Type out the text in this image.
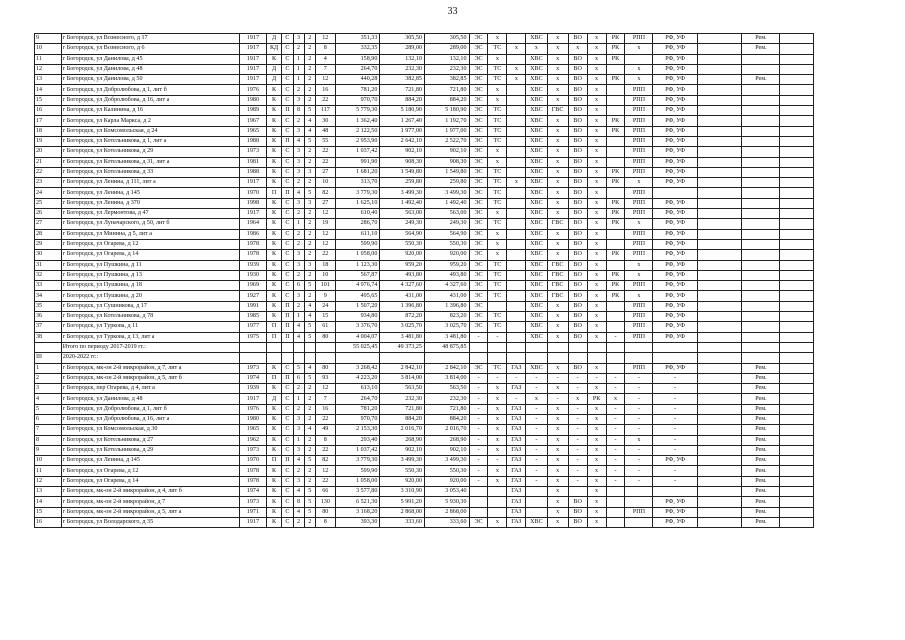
33
9	г Богородск, ул Вознесного, д 17	1917	Д	С	3	2	12	351,33	305,50	305,50	ЭС	х		ХВС	х	ВО	х	РК	РПП	РФ, УФ		Рем.	
10	г Богородск, ул Вознесного, д 6	1917	КД	С	2	2	8	332,35	289,00	289,00	ЭС	ТС	х	х	х	х	х	РК	х	РФ, УФ		Рем.	
11	г Богородск, ул Данилова, д 45	1917	К	С	1	2	4	158,90	132,10	132,10	ЭС	х		ХВС	х	ВО	х	РК		РФ, УФ			
12	г Богородск, ул Данилова, д 48	1917	Д	С	1	2	7	264,70	232,30	232,30	ЭС	ТС	х	ХВС	х	ВО	х		х	РФ, УФ			
13	г Богородск, ул Данилова, д 50	1917	Д	С	1	2	12	440,28	382,85	382,85	ЭС	ТС	х	ХВС	х	ВО	х	РК	х	РФ, УФ		Рем.	
14	г Богородск, ул Добролюбова, д 1, лит б	1976	К	С	2	2	16	781,20	721,80	721,80	ЭС	х		ХВС	х	ВО	х		РПП	РФ, УФ			
15	г Богородск, ул Добролюбова, д 16, лит а	1980	К	С	3	2	22	970,70	884,20	884,20	ЭС	х		ХВС	х	ВО	х		РПП	РФ, УФ			
16	г Богородск, ул Калинина, д 16	1989	К	П	8	5	117	5 779,30	5 180,90	5 180,90	ЭС	ТС		ХВС	ГВС	ВО	х		РПП	РФ, УФ			
17	г Богородск, ул Карла Маркса, д 2	1967	К	С	2	4	30	1 362,40	1 267,40	1 192,70	ЭС	ТС		ХВС	х	ВО	х	РК	РПП	РФ, УФ			
18	г Богородск, ул Комсомольская, д 24	1965	К	С	3	4	48	2 122,50	1 977,00	1 977,00	ЭС	ТС		ХВС	х	ВО	х	РК	РПП	РФ, УФ			
19	г Богородск, ул Котельникова, д 1, лит а	1988	К	П	4	5	55	2 953,90	2 642,10	2 522,70	ЭС	ТС		ХВС	х	ВО	х		РПП	РФ, УФ			
20	г Богородск, ул Котельникова, д 29	1973	К	С	3	2	22	1 037,42	902,10	902,10	ЭС	х		ХВС	х	ВО	х		РПП	РФ, УФ			
21	г Богородск, ул Котельникова, д 31, лит а	1981	К	С	3	2	22	991,90	908,30	908,30	ЭС	х		ХВС	х	ВО	х		РПП	РФ, УФ			
22	г Богородск, ул Котельникова, д 33	1988	К	С	3	3	27	1 681,20	1 549,80	1 549,80	ЭС	ТС		ХВС	х	ВО	х	РК	РПП	РФ, УФ			
23	г Богородск, ул Ленина, д 111, лит а	1917	К	С	2	2	10	313,70	259,80	259,80	ЭС	ТС	х	ХВС	х	ВО	х	РК	х	РФ, УФ			
24	г Богородск, ул Ленина, д 145	1970	П	П	4	5	82	3 779,30	3 499,30	3 499,30	ЭС	ТС		ХВС	х	ВО	х		РПП				
25	г Богородск, ул Ленина, д 370	1998	К	С	3	3	27	1 625,10	1 492,40	1 492,40	ЭС	ТС		ХВС	х	ВО	х	РК	РПП	РФ, УФ			
26	г Богородск, ул Лермонтова, д 47	1917	К	С	2	2	12	610,40	563,00	563,00	ЭС	х		ХВС	х	ВО	х	РК	РПП	РФ, УФ			
27	г Богородск, ул Луначарского, д 50, лит б	1964	К	С	1	2	19	286,70	249,30	249,30	ЭС	ТС		ХВС	ГВС	ВО	х	РК	х	РФ, УФ			
28	г Богородск, ул Минина, д 5, лит а	1986	К	С	2	2	12	611,10	564,90	564,90	ЭС	х		ХВС	х	ВО	х		РПП	РФ, УФ			
29	г Богородск, ул Огарева, д 12	1978	К	С	2	2	12	599,90	550,30	550,30	ЭС	х		ХВС	х	ВО	х		РПП	РФ, УФ			
30	г Богородск, ул Огарева, д 14	1978	К	С	3	2	22	1 058,00	920,00	920,00	ЭС	х		ХВС	х	ВО	х	РК	РПП	РФ, УФ			
31	г Богородск, ул Пушкина, д 11	1939	К	С	3	3	18	1 123,30	959,20	959,20	ЭС	ТС		ХВС	ГВС	ВО	х		х	РФ, УФ			
32	г Богородск, ул Пушкина, д 13	1930	К	С	2	2	10	567,87	493,80	493,80	ЭС	ТС		ХВС	ГВС	ВО	х	РК	х	РФ, УФ			
33	г Богородск, ул Пушкина, д 18	1969	К	С	6	5	101	4 976,74	4 327,60	4 327,60	ЭС	ТС		ХВС	ГВС	ВО	х	РК	РПП	РФ, УФ			
34	г Богородск, ул Пушкина, д 20	1927	К	С	3	2	9	495,65	431,00	431,00	ЭС	ТС		ХВС	ГВС	ВО	х	РК	х	РФ, УФ			
35	г Богородск, ул Сушникова, д 17	1991	К	П	2	4	24	1 507,20	1 396,80	1 396,80	ЭС			ХВС	х	ВО	х		РПП	РФ, УФ			
36	г Богородск, ул Котельникова, д 78	1985	К	П	1	4	15	934,80	872,20	823,20	ЭС	ТС		ХВС	х	ВО	х		РПП	РФ, УФ			
37	г Богородск, ул Туркова, д 11	1977	П	П	4	5	61	3 376,70	3 025,70	3 025,70	ЭС	ТС		ХВС	х	ВО	х		РПП	РФ, УФ			
38	г Богородск, ул Туркова, д 13, лит а	1975	П	П	4	5	80	4 004,07	3 481,80	3 481,80	-	-		ХВС	х	ВО	х	-	РПП	РФ, УФ			
	Итого по периоду 2017-2019 гг.:							55 025,45	49 373,25	48 875,85													
III	2020-2022 гг.:																						
1	г Богородск, мк-он 2-й микрорайон, д 7, лит а	1973	К	С	5	4	80	3 268,42	2 842,10	2 842,10	ЭС	ТС	ГАЗ	ХВС	х	ВО	х		РПП	РФ, УФ		Рем.	
2	г Богородск, мк-он 2-й микрорайон, д 5, лит б	1974	П	П	6	5	93	4 223,20	3 814,00	3 814,00	-	-	-	-	-	-	-	-	-	-		Рем.	
3	г Богородск, пер Огарева, д 4, лит а	1939	К	С	2	2	12	613,10	563,50	563,50	-	х	ГАЗ	-	х	-	х	-	-	-		Рем.	
4	г Богородск, ул Данилова, д 48	1917	Д	С	1	2	7	264,70	232,30	232,30	-	х	-	х	-	х	РК	х	-	-		Рем.	
5	г Богородск, ул Добролюбова, д 1, лит б	1976	К	С	2	2	16	781,20	721,80	721,80	-	х	ГАЗ	-	х	-	х	-	-	-		Рем.	
6	г Богородск, ул Добролюбова, д 16, лит а	1980	К	С	3	2	22	970,70	884,20	884,20	-	х	ГАЗ	-	х	-	х	-	-	-		Рем.	
7	г Богородск, ул Комсомольская, д 30	1965	К	С	3	4	49	2 153,30	2 016,70	2 016,70	-	х	ГАЗ	-	х	-	х	-	-	-		Рем.	
8	г Богородск, ул Котельникова, д 27	1962	К	С	1	2	8	293,40	268,90	268,90	-	х	ГАЗ	-	х	-	х	-	х	-		Рем.	
9	г Богородск, ул Котельникова, д 29	1973	К	С	3	2	22	1 037,42	902,10	902,10	-	х	ГАЗ	-	х	-	х	-	-	-		Рем.	
10	г Богородск, ул Ленина, д 145	1970	П	П	4	5	82	3 779,30	3 499,30	3 499,30	-	-	ГАЗ	-	х	-	х	-	-	РФ, УФ		Рем.	
11	г Богородск, ул Огарева, д 12	1978	К	С	2	2	12	599,90	550,30	550,30	-	х	ГАЗ	-	х	-	х	-	-	-		Рем.	
12	г Богородск, ул Огарева, д 14	1978	К	С	3	2	22	1 058,00	920,00	920,00	-	х	ГАЗ	-	х	-	х	-	-	-		Рем.	
13	г Богородск, мк-он 2-й микрорайон, д 4, лит б	1974	К	С	4	5	66	3 577,80	3 310,90	3 053,40			ГАЗ		х		х					Рем.	
14	г Богородск, мк-он 2-й микрорайон, д 7	1973	К	С	8	5	130	6 521,30	5 991,20	5 930,30			ГАЗ		х	ВО	х			РФ, УФ		Рем.	
15	г Богородск, мк-он 2-й микрорайон, д 5, лит а	1971	К	С	4	5	80	3 168,20	2 868,00	2 868,00			ГАЗ		х	ВО	х		РПП	РФ, УФ		Рем.	
16	г Богородск, ул Володарского, д 35	1917	К	С	2	2	8	393,30	333,60	333,60	ЭС	х	ГАЗ	ХВС	х	ВО	х			РФ, УФ		Рем.	
